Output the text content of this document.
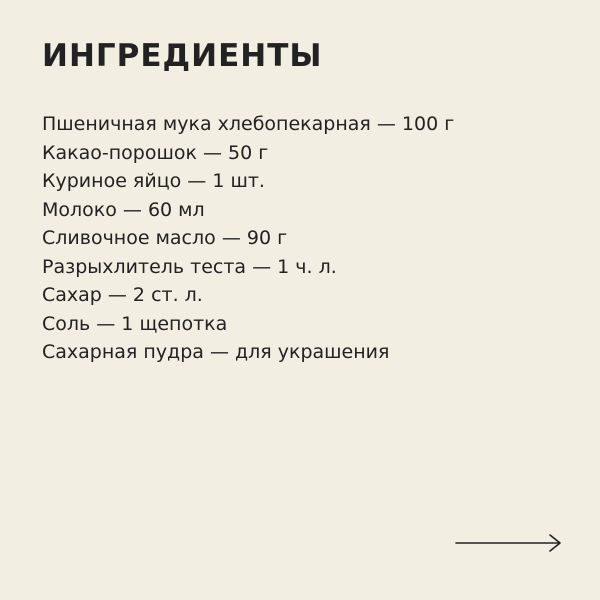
ИНГРЕДИЕНТЫ
Пшеничная мука хлебопекарная — 100 г
Какао-порошок — 50 г
Куриное яйцо — 1 шт.
Молоко — 60 мл
Сливочное масло — 90 г
Разрыхлитель теста — 1 ч. л.
Сахар — 2 ст. л.
Соль — 1 щепотка
Сахарная пудра — для украшения
